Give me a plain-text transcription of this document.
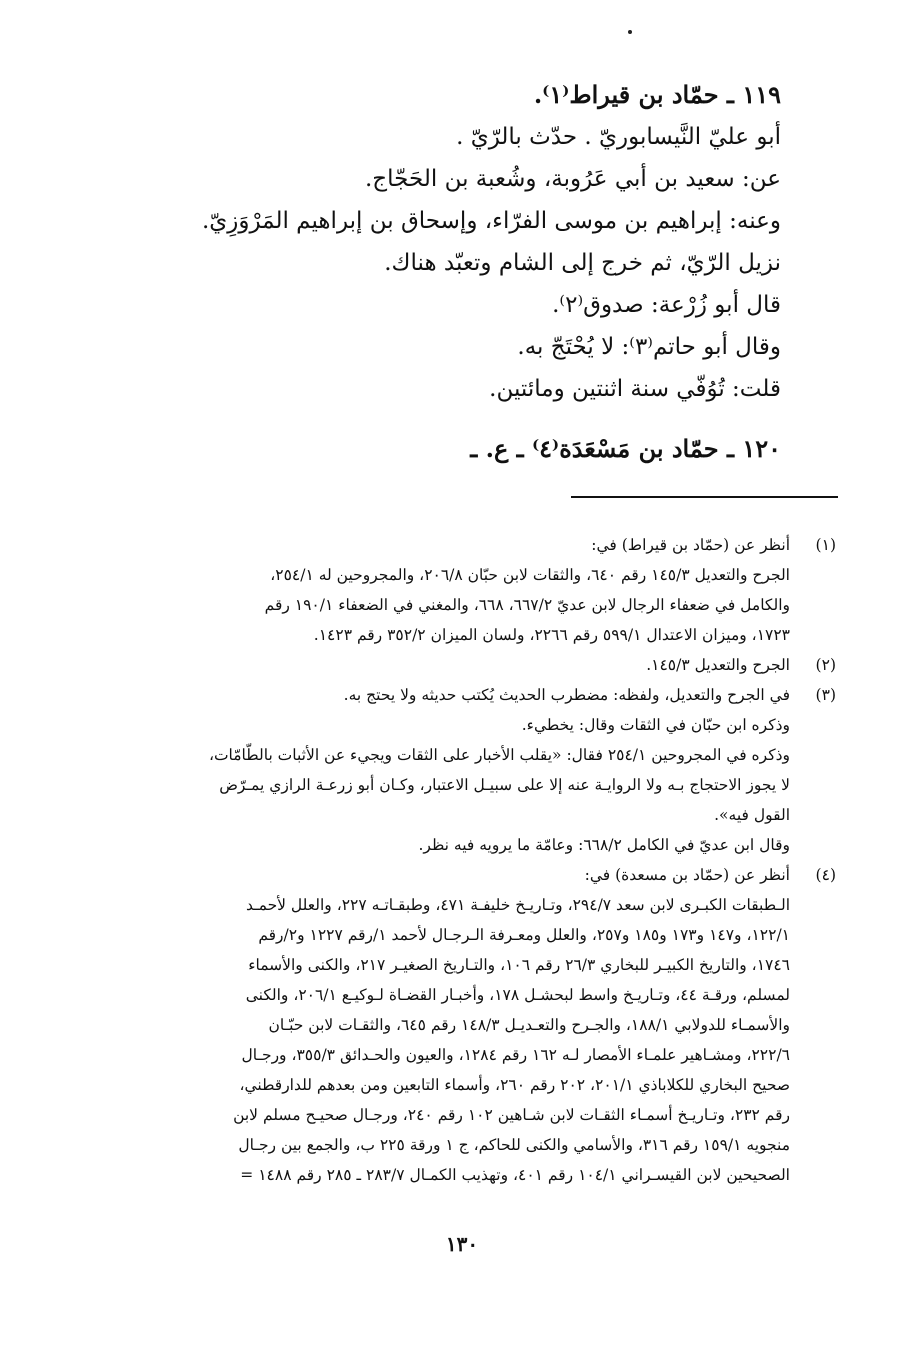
١١٩ ـ حمّاد بن قيراط⁽١⁾.
أبو عليّ النَّيسابوريّ . حدّث بالرّيّ .
عن: سعيد بن أبي عَرُوبة، وشُعبة بن الحَجّاج.
وعنه: إبراهيم بن موسى الفرّاء، وإسحاق بن إبراهيم المَرْوَزِيّ.
نزيل الرّيّ، ثم خرج إلى الشام وتعبّد هناك.
قال أبو زُرْعة: صدوق⁽٢⁾.
وقال أبو حاتم⁽٣⁾: لا يُحْتَجّ به.
قلت: تُوُفّي سنة اثنتين ومائتين.
١٢٠ ـ حمّاد بن مَسْعَدَة⁽٤⁾ ـ ع. ـ
(١)
أنظر عن (حمّاد بن قيراط) في:
الجرح والتعديل ١٤٥/٣ رقم ٦٤٠، والثقات لابن حبّان ٢٠٦/٨، والمجروحين له ٢٥٤/١،
والكامل في ضعفاء الرجال لابن عديّ ٦٦٧/٢، ٦٦٨، والمغني في الضعفاء ١٩٠/١ رقم
١٧٢٣، وميزان الاعتدال ٥٩٩/١ رقم ٢٢٦٦، ولسان الميزان ٣٥٢/٢ رقم ١٤٢٣.
(٢)
الجرح والتعديل ١٤٥/٣.
(٣)
في الجرح والتعديل، ولفظه: مضطرب الحديث يُكتب حديثه ولا يحتج به.
وذكره ابن حبّان في الثقات وقال: يخطيء.
وذكره في المجروحين ٢٥٤/١ فقال: «يقلب الأخبار على الثقات ويجيء عن الأثبات بالطّامّات،
لا يجوز الاحتجاج بـه ولا الروايـة عنه إلا على سبيـل الاعتبار، وكـان أبو زرعـة الرازي يمـرّض
القول فيه».
وقال ابن عديّ في الكامل ٦٦٨/٢: وعامّة ما يرويه فيه نظر.
(٤)
أنظر عن (حمّاد بن مسعدة) في:
الـطبقات الكبـرى لابن سعد ٢٩٤/٧، وتـاريـخ خليفـة ٤٧١، وطبقـاتـه ٢٢٧، والعلل لأحمـد
١٢٢/١، و١٤٧ و١٧٣ و١٨٥ و٢٥٧، والعلل ومعـرفة الـرجـال لأحمد ١/رقم ١٢٢٧ و٢/رقم
١٧٤٦، والتاريخ الكبيـر للبخاري ٢٦/٣ رقم ١٠٦، والتـاريخ الصغيـر ٢١٧، والكنى والأسماء
لمسلم، ورقـة ٤٤، وتـاريـخ واسط لبحشـل ١٧٨، وأخبـار القضـاة لـوكيـع ٢٠٦/١، والكنى
والأسمـاء للدولابي ١٨٨/١، والجـرح والتعـديـل ١٤٨/٣ رقم ٦٤٥، والثقـات لابن حبّـان
٢٢٢/٦، ومشـاهير علمـاء الأمصار لـه ١٦٢ رقم ١٢٨٤، والعيون والحـدائق ٣٥٥/٣، ورجـال
صحيح البخاري للكلاباذي ٢٠١/١، ٢٠٢ رقم ٢٦٠، وأسماء التابعين ومن بعدهم للدارقطني،
رقم ٢٣٢، وتـاريـخ أسمـاء الثقـات لابن شـاهين ١٠٢ رقم ٢٤٠، ورجـال صحيـح مسلم لابن
منجويه ١٥٩/١ رقم ٣١٦، والأسامي والكنى للحاكم، ج ١ ورقة ٢٢٥ ب، والجمع بين رجـال
الصحيحين لابن القيسـراني ١٠٤/١ رقم ٤٠١، وتهذيب الكمـال ٢٨٣/٧ ـ ٢٨٥ رقم ١٤٨٨ =
١٣٠
